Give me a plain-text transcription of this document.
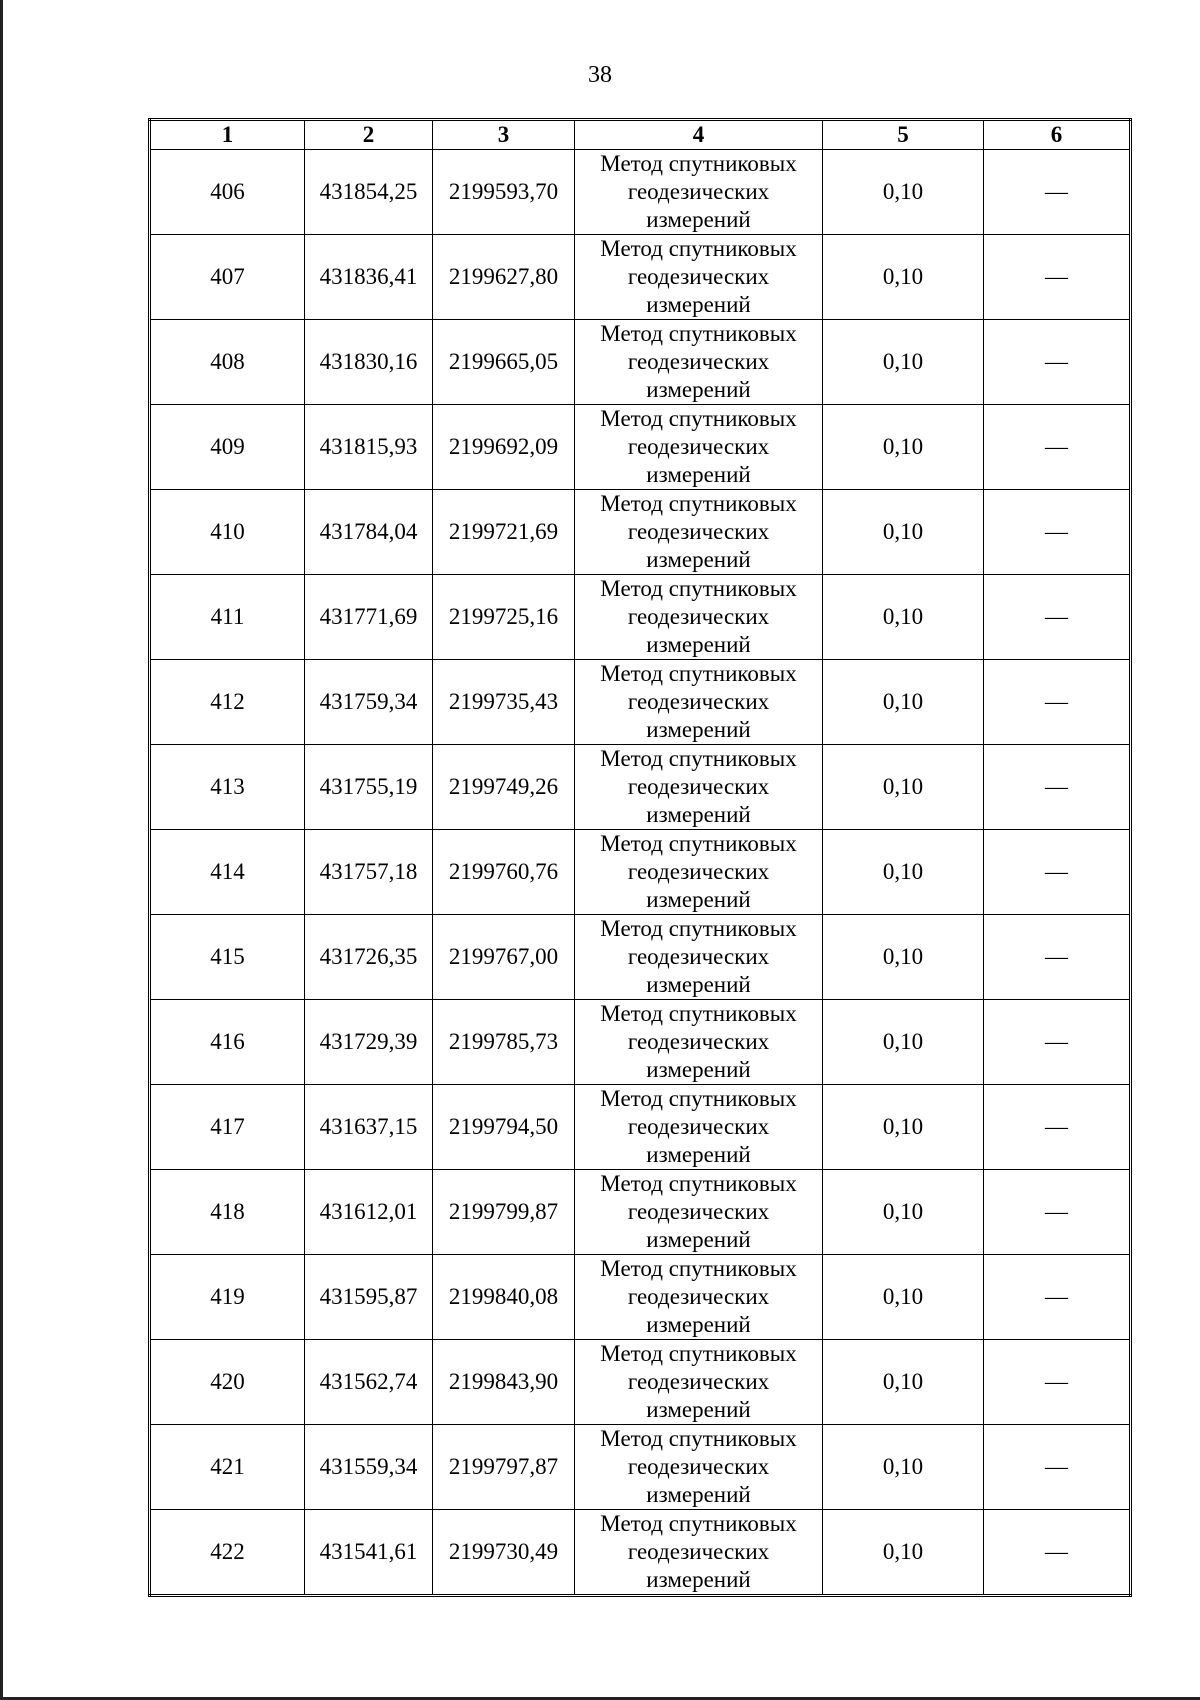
38
1	2	3	4	5	6
406	431854,25	2199593,70	Метод спутниковых
геодезических
измерений	0,10	—
407	431836,41	2199627,80	Метод спутниковых
геодезических
измерений	0,10	—
408	431830,16	2199665,05	Метод спутниковых
геодезических
измерений	0,10	—
409	431815,93	2199692,09	Метод спутниковых
геодезических
измерений	0,10	—
410	431784,04	2199721,69	Метод спутниковых
геодезических
измерений	0,10	—
411	431771,69	2199725,16	Метод спутниковых
геодезических
измерений	0,10	—
412	431759,34	2199735,43	Метод спутниковых
геодезических
измерений	0,10	—
413	431755,19	2199749,26	Метод спутниковых
геодезических
измерений	0,10	—
414	431757,18	2199760,76	Метод спутниковых
геодезических
измерений	0,10	—
415	431726,35	2199767,00	Метод спутниковых
геодезических
измерений	0,10	—
416	431729,39	2199785,73	Метод спутниковых
геодезических
измерений	0,10	—
417	431637,15	2199794,50	Метод спутниковых
геодезических
измерений	0,10	—
418	431612,01	2199799,87	Метод спутниковых
геодезических
измерений	0,10	—
419	431595,87	2199840,08	Метод спутниковых
геодезических
измерений	0,10	—
420	431562,74	2199843,90	Метод спутниковых
геодезических
измерений	0,10	—
421	431559,34	2199797,87	Метод спутниковых
геодезических
измерений	0,10	—
422	431541,61	2199730,49	Метод спутниковых
геодезических
измерений	0,10	—
